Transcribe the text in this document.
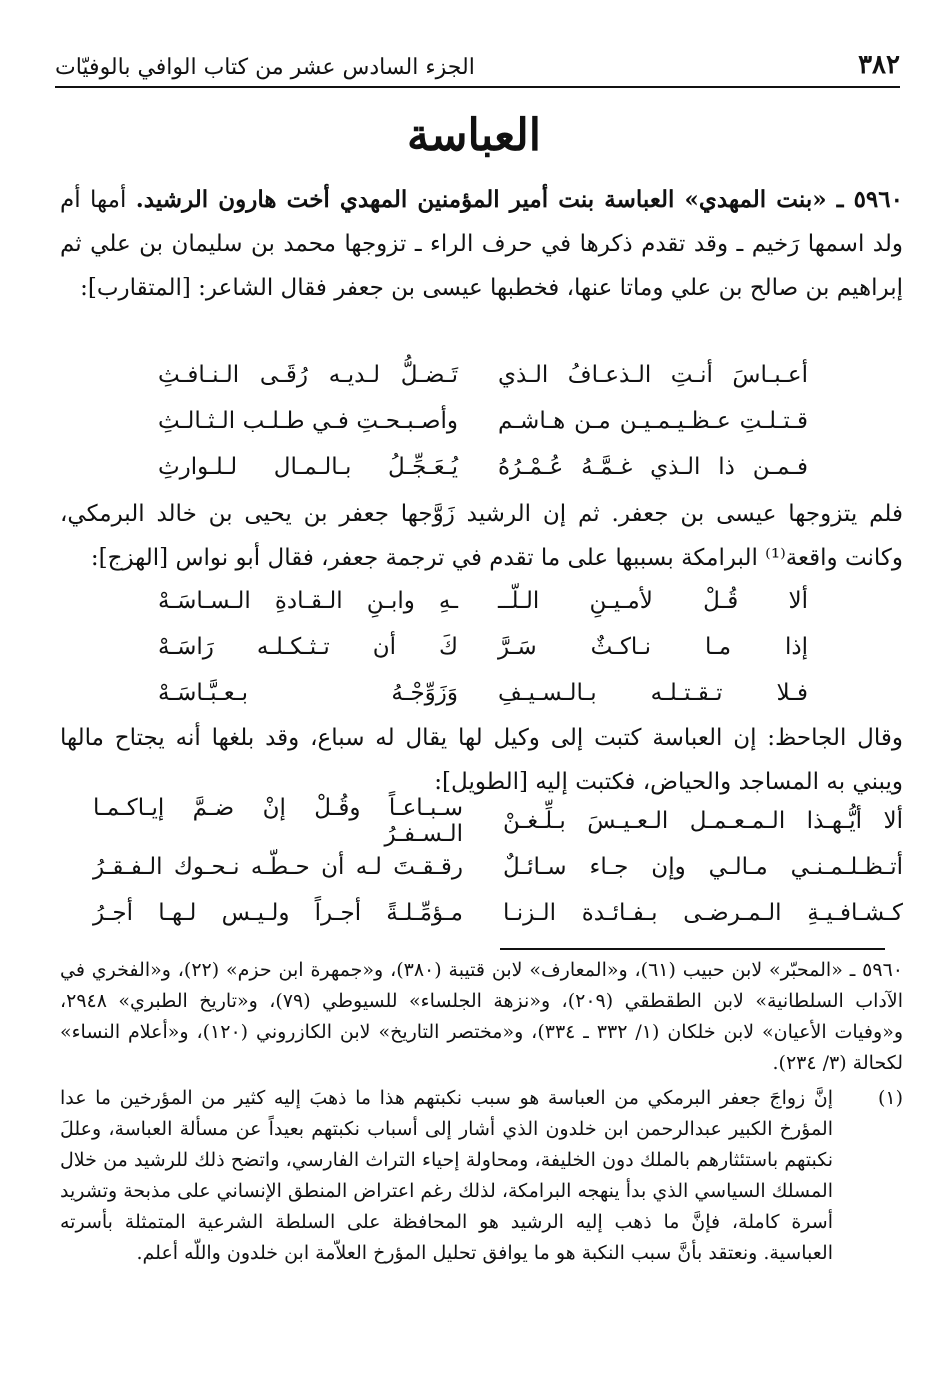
٣٨٢
الجزء السادس عشر من كتاب الوافي بالوفيّات
العباسة
٥٩٦٠ ـ «بنت المهدي» العباسة بنت أمير المؤمنين المهدي أخت هارون الرشيد. أمها أم ولد اسمها رَخيم ـ وقد تقدم ذكرها في حرف الراء ـ تزوجها محمد بن سليمان بن علي ثم إبراهيم بن صالح بن علي وماتا عنها، فخطبها عيسى بن جعفر فقال الشاعر: [المتقارب]:
أعـبـاسَ أنـتِ الـذعـافُ الـذي
تَـضـلُّ لـديـه رُقَـى الـنـافـثِ
قـتـلـتِ عـظـيـمـيـن مـن هـاشـم
وأصـبـحـتِ فـي طـلـب الـثـالـثِ
فـمـن ذا الـذي غـمَّـهُ عُـمْـرُهُ
يُـعَـجِّـلُ بـالـمـال لـلـوارثِ
فلم يتزوجها عيسى بن جعفر. ثم إن الرشيد زَوَّجها جعفر بن يحيى بن خالد البرمكي، وكانت واقعة⁽¹⁾ البرامكة بسببها على ما تقدم في ترجمة جعفر، فقال أبو نواس [الهزج]:
ألا قُـلْ لأمـيـنِ الـلّــ
ـهِ وابـنِ الـقـادةِ الـسـاسَـهْ
إذا مـا نـاكـثٌ سَـرَّ
كَ أن تـثـكـلـه رَاسَـهْ
فـلا تـقـتـلـه بـالـسـيـفِ
وَزَوِّجْـهُ بـعـبَّـاسَـهْ
وقال الجاحظ: إن العباسة كتبت إلى وكيل لها يقال له سباع، وقد بلغها أنه يجتاح مالها ويبني به المساجد والحياض، فكتبت إليه [الطويل]:
ألا أيُّـهـذا الـمـعـمـل الـعـيـسَ بـلِّـغـنْ
سـبـاعـاً وقُـلْ إنْ ضـمَّ إيـاكـمـا الـسـفـرُ
أتـظـلـمـنـي مـالـي وإن جـاء سـائـلٌ
رقـقـتَ لـه أن حـطّـه نـحـوك الـفـقـرُ
كـشـافـيـةِ الـمـرضـى بـفـائـدة الـزنـا
مـؤمِّـلـةً أجـراً ولـيـس لـهـا أجـرُ
٥٩٦٠ ـ «المحبّر» لابن حبيب (٦١)، و«المعارف» لابن قتيبة (٣٨٠)، و«جمهرة ابن حزم» (٢٢)، و«الفخري في الآداب السلطانية» لابن الطقطقي (٢٠٩)، و«نزهة الجلساء» للسيوطي (٧٩)، و«تاريخ الطبري» ٢٩٤٨، و«وفيات الأعيان» لابن خلكان (١/ ٣٣٢ ـ ٣٣٤)، و«مختصر التاريخ» لابن الكازروني (١٢٠)، و«أعلام النساء» لكحالة (٣/ ٢٣٤).
(١)
إنَّ زواجَ جعفر البرمكي من العباسة هو سبب نكبتهم هذا ما ذهبَ إليه كثير من المؤرخين ما عدا المؤرخ الكبير عبدالرحمن ابن خلدون الذي أشار إلى أسباب نكبتهم بعيداً عن مسألة العباسة، وعللَ نكبتهم باستئثارهم بالملك دون الخليفة، ومحاولة إحياء التراث الفارسي، واتضح ذلك للرشيد من خلال المسلك السياسي الذي بدأ ينهجه البرامكة، لذلك رغم اعتراض المنطق الإنساني على مذبحة وتشريد أسرة كاملة، فإنَّ ما ذهب إليه الرشيد هو المحافظة على السلطة الشرعية المتمثلة بأسرته العباسية. ونعتقد بأنَّ سبب النكبة هو ما يوافق تحليل المؤرخ العلاّمة ابن خلدون واللّه أعلم.
